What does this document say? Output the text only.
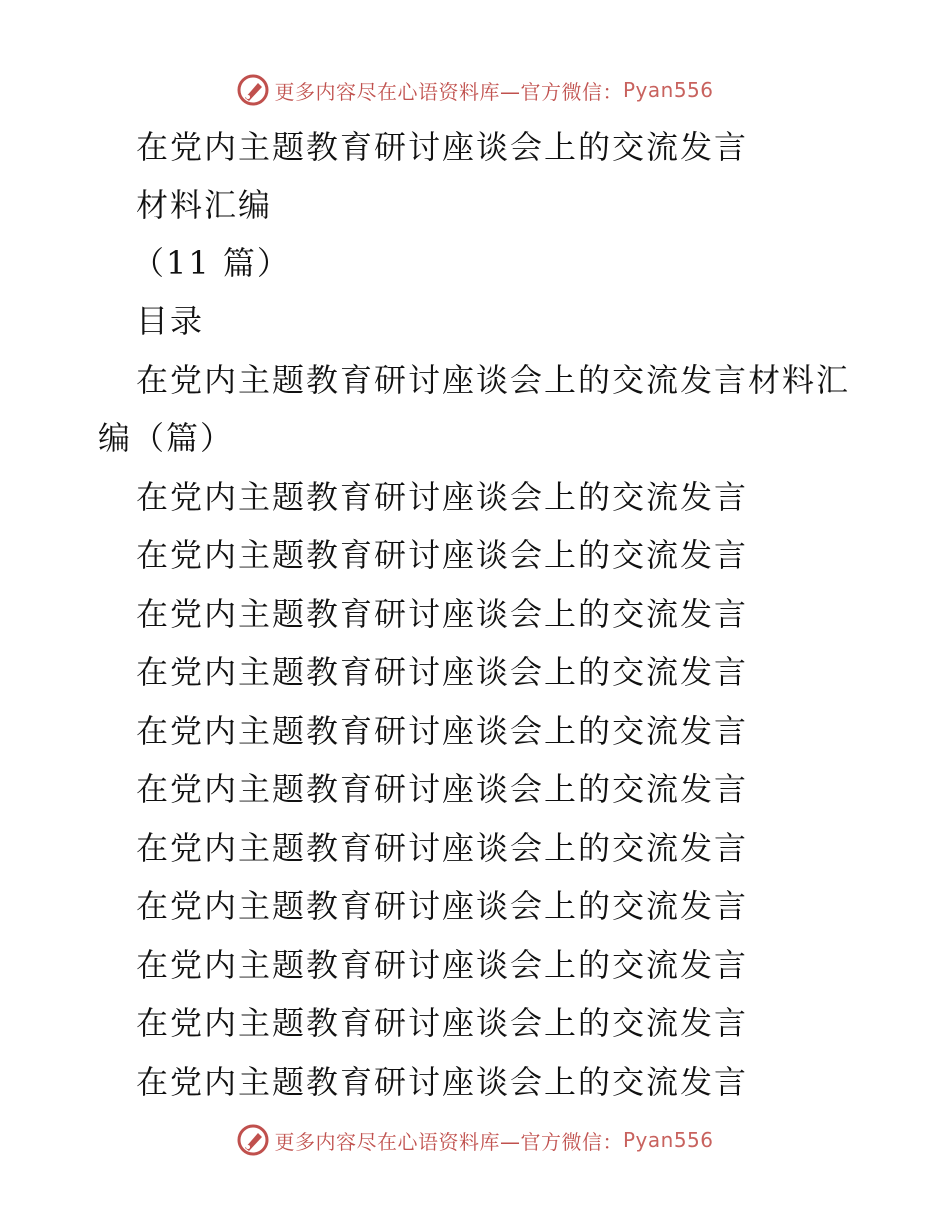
更多内容尽在心语资料库—官方微信： Pyan556
在党内主题教育研讨座谈会上的交流发言
材料汇编
（11 篇）
目录
在党内主题教育研讨座谈会上的交流发言材料汇
编（篇）
在党内主题教育研讨座谈会上的交流发言
在党内主题教育研讨座谈会上的交流发言
在党内主题教育研讨座谈会上的交流发言
在党内主题教育研讨座谈会上的交流发言
在党内主题教育研讨座谈会上的交流发言
在党内主题教育研讨座谈会上的交流发言
在党内主题教育研讨座谈会上的交流发言
在党内主题教育研讨座谈会上的交流发言
在党内主题教育研讨座谈会上的交流发言
在党内主题教育研讨座谈会上的交流发言
在党内主题教育研讨座谈会上的交流发言
更多内容尽在心语资料库—官方微信： Pyan556
